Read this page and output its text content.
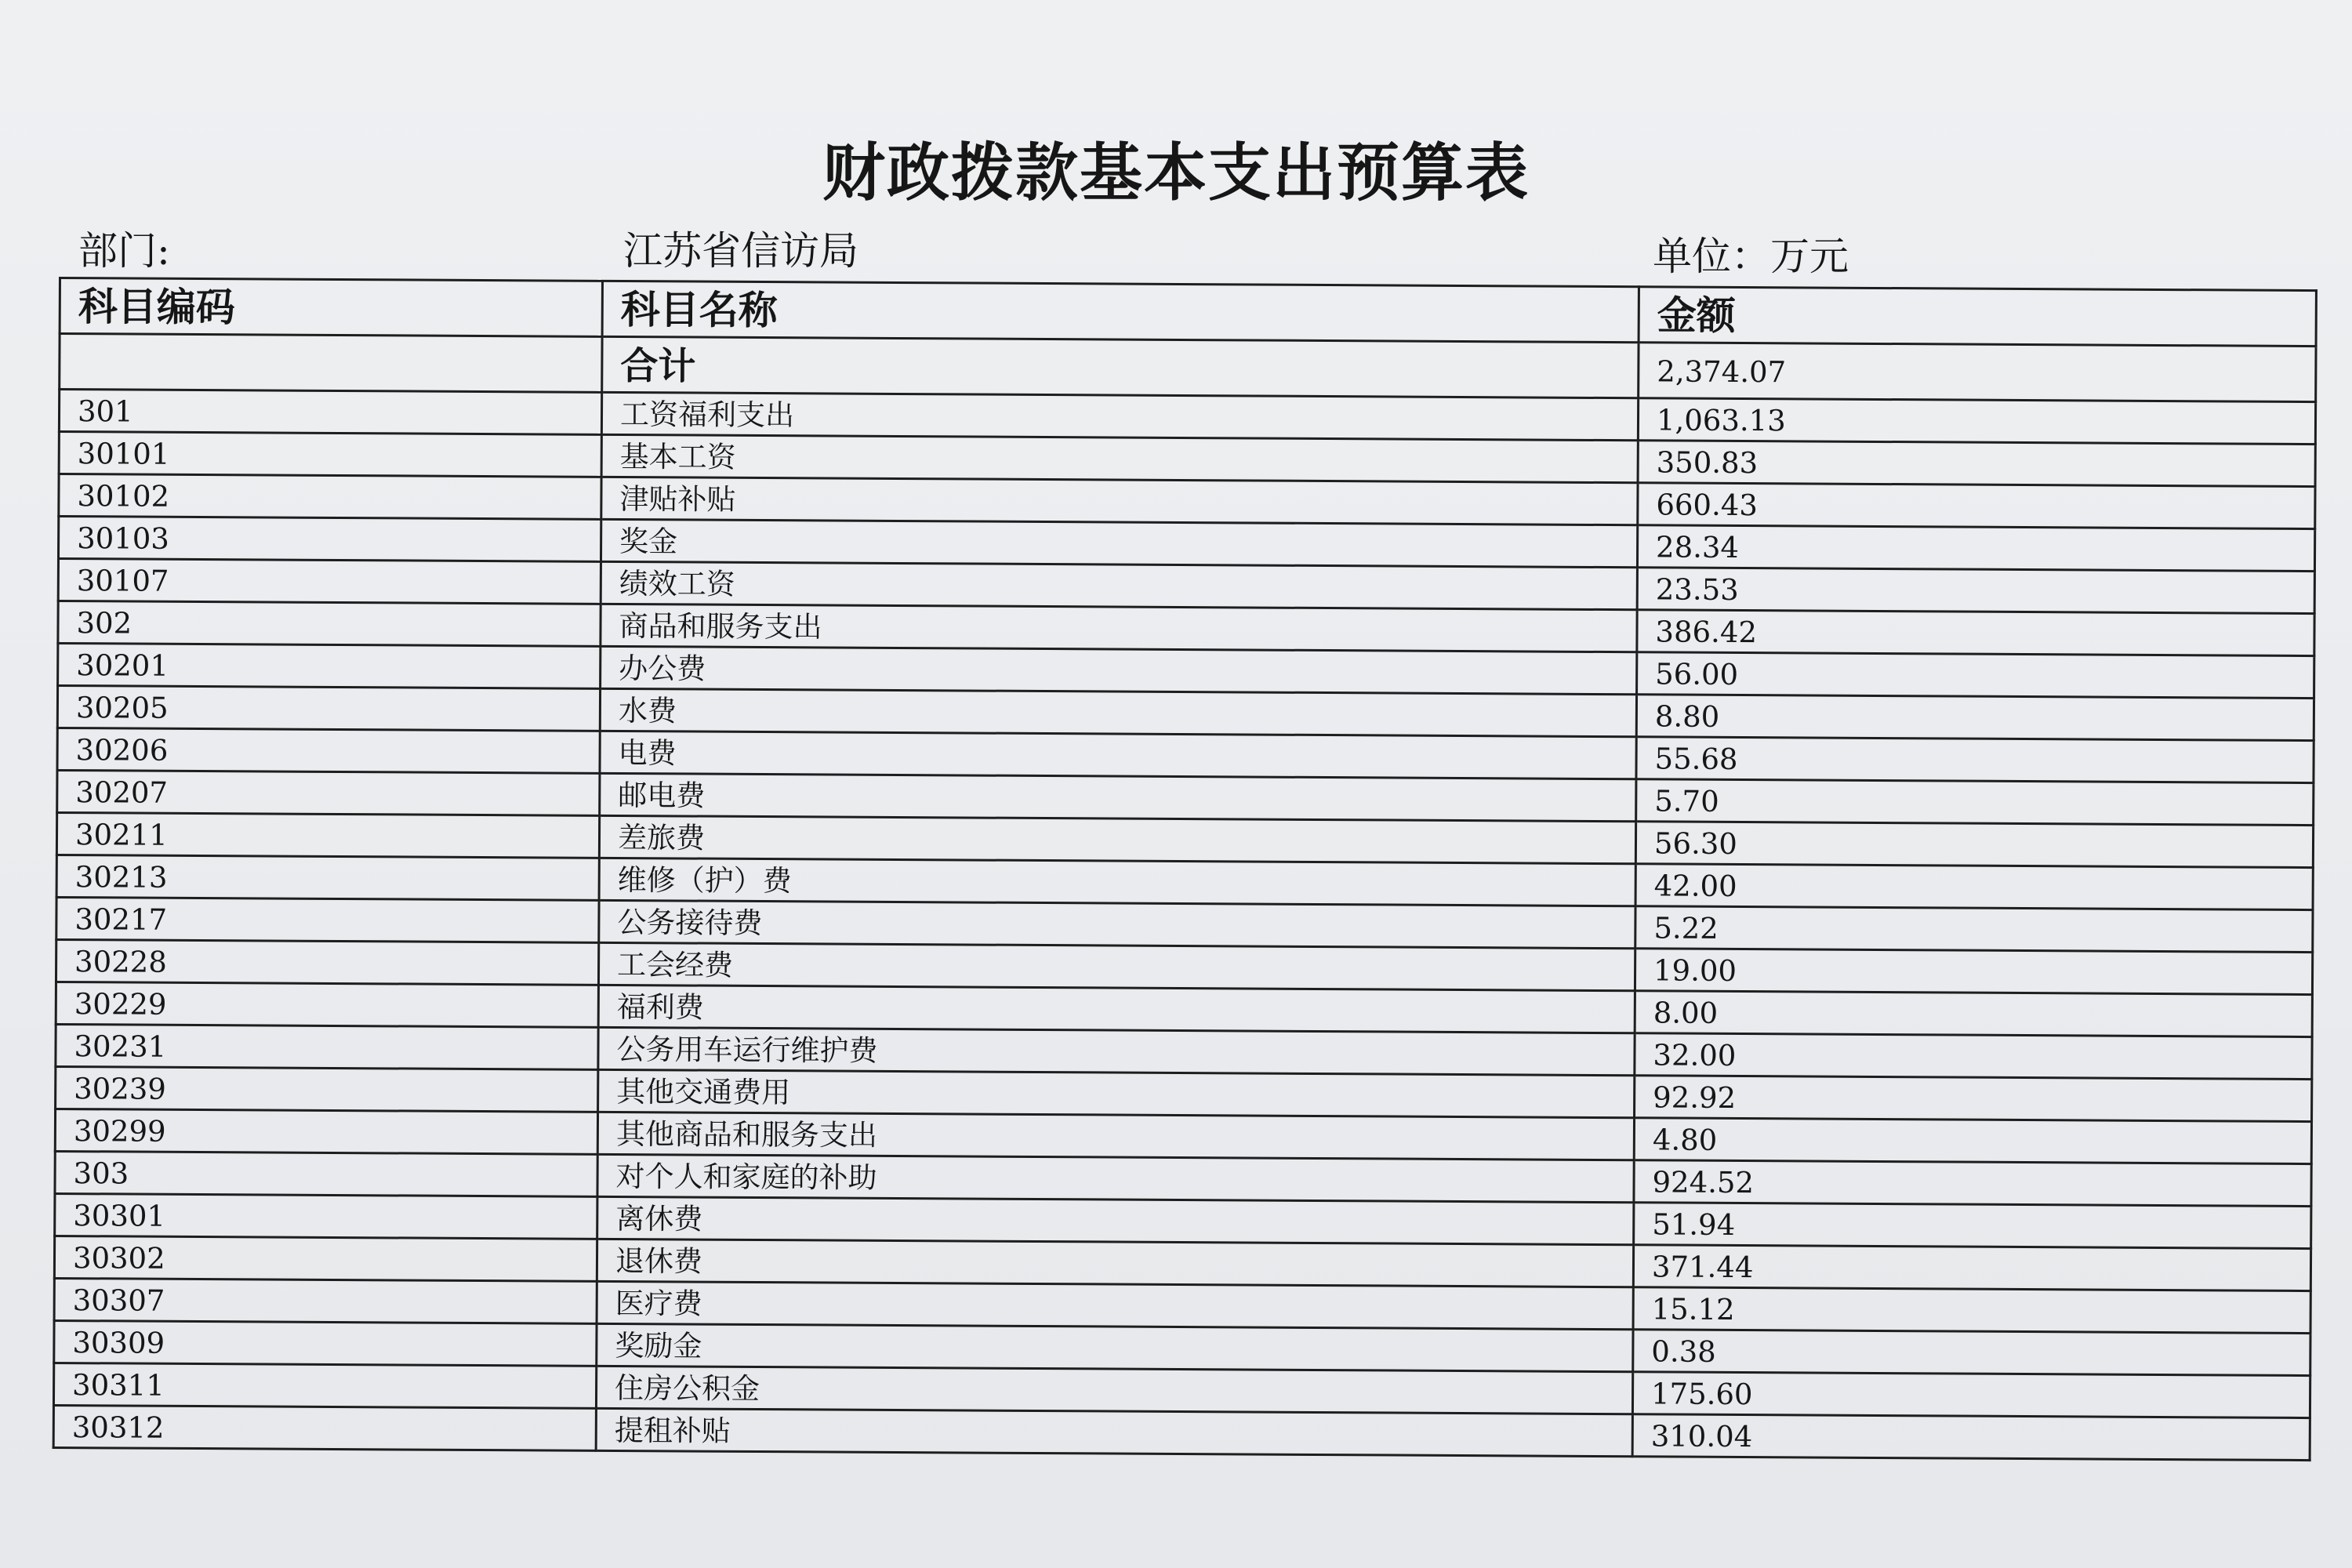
财政拨款基本支出预算表
部门:	江苏省信访局	单位：万元
科目编码	科目名称	金额
	合计	2,374.07
301	工资福利支出	1,063.13
30101	基本工资	350.83
30102	津贴补贴	660.43
30103	奖金	28.34
30107	绩效工资	23.53
302	商品和服务支出	386.42
30201	办公费	56.00
30205	水费	8.80
30206	电费	55.68
30207	邮电费	5.70
30211	差旅费	56.30
30213	维修（护）费	42.00
30217	公务接待费	5.22
30228	工会经费	19.00
30229	福利费	8.00
30231	公务用车运行维护费	32.00
30239	其他交通费用	92.92
30299	其他商品和服务支出	4.80
303	对个人和家庭的补助	924.52
30301	离休费	51.94
30302	退休费	371.44
30307	医疗费	15.12
30309	奖励金	0.38
30311	住房公积金	175.60
30312	提租补贴	310.04
